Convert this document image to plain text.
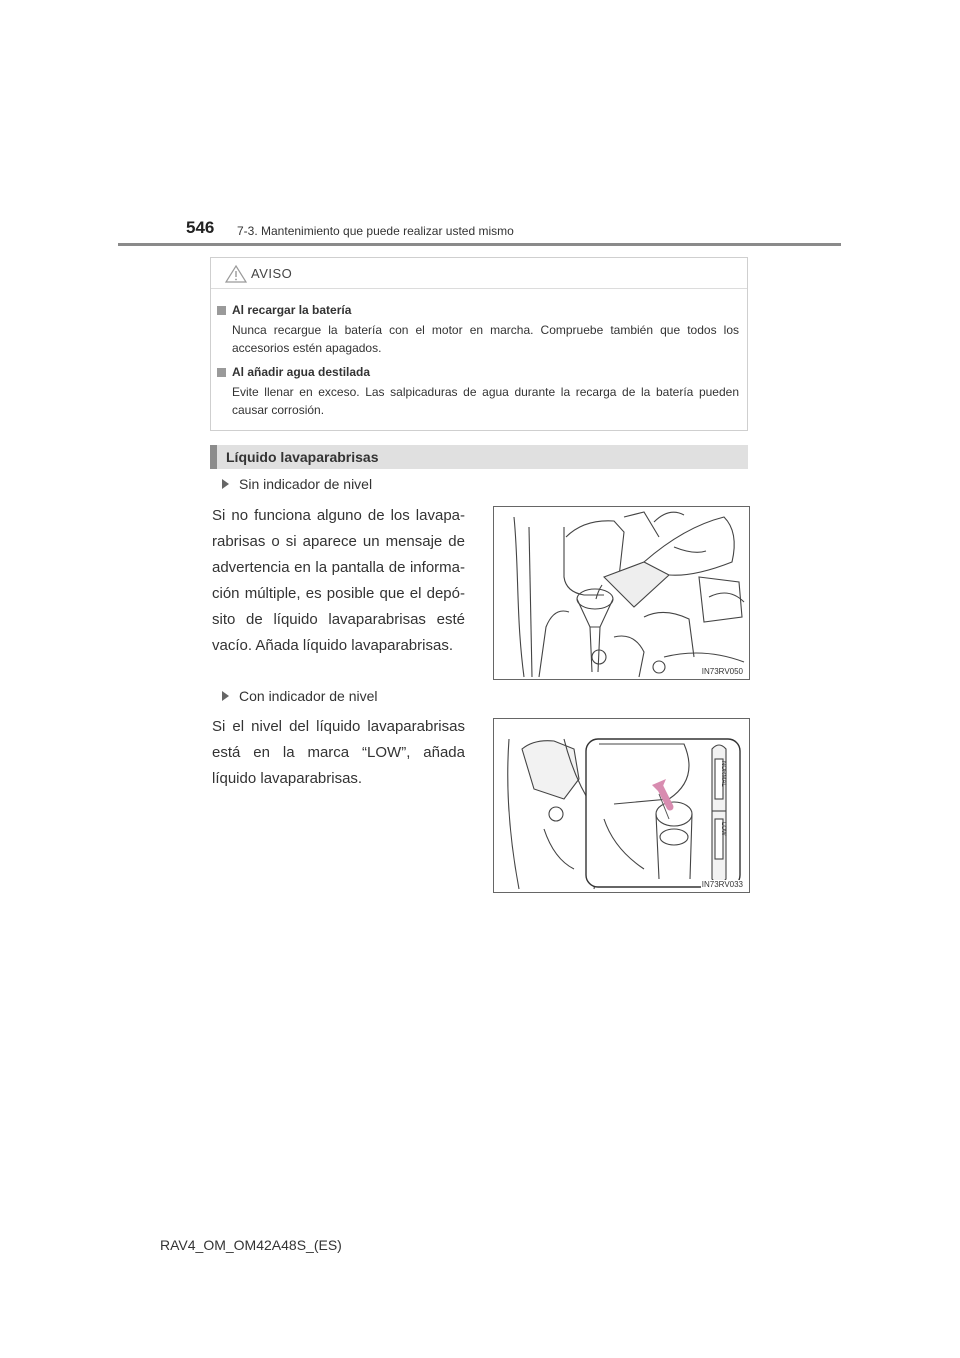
546 7-3. Mantenimiento que puede realizar usted mismo
AVISO
Al recargar la batería
Nunca recargue la batería con el motor en marcha. Compruebe también que todos los accesorios estén apagados.
Al añadir agua destilada
Evite llenar en exceso. Las salpicaduras de agua durante la recarga de la batería pueden causar corrosión.
Líquido lavaparabrisas
Sin indicador de nivel
Si no funciona alguno de los lavapa-rabrisas o si aparece un mensaje de advertencia en la pantalla de informa-ción múltiple, es posible que el depó-sito de líquido lavaparabrisas esté vacío. Añada líquido lavaparabrisas.
IN73RV050
Con indicador de nivel
Si el nivel del líquido lavaparabrisas está en la marca “LOW”, añada líquido lavaparabrisas.	NORMAL
LOW
IN73RV033
RAV4_OM_OM42A48S_(ES)
